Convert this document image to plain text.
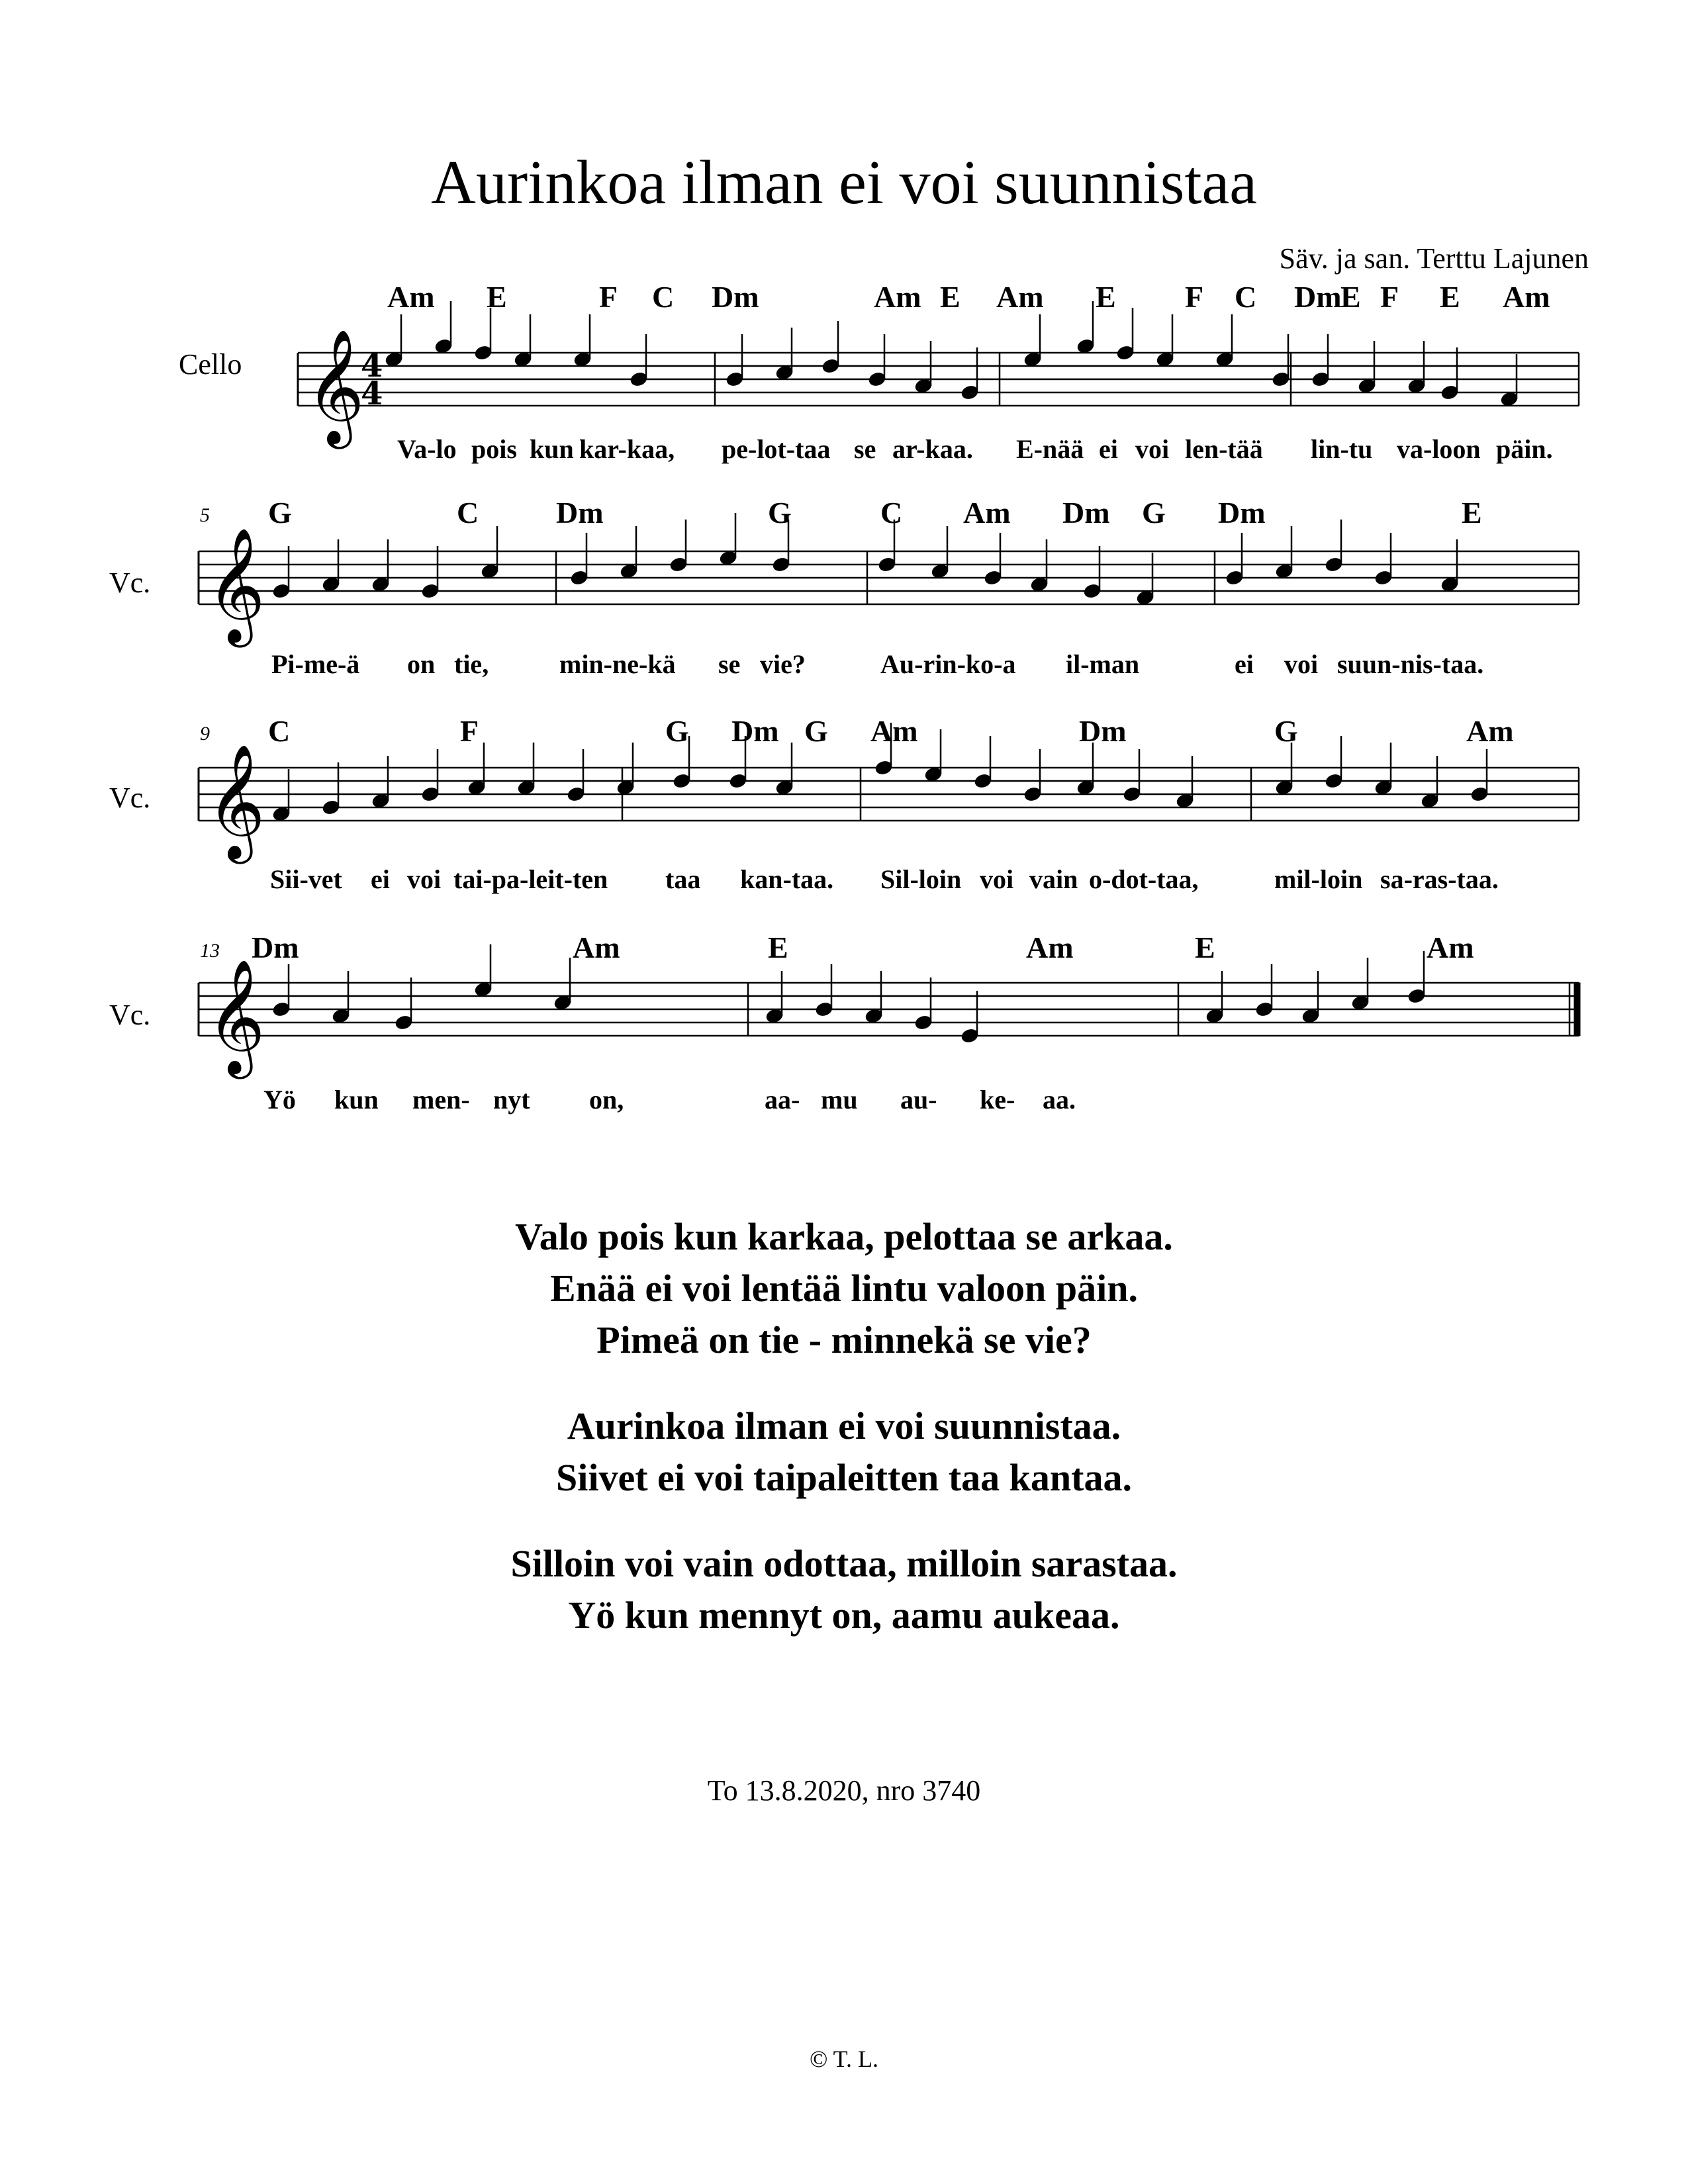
Aurinkoa ilman ei voi suunnistaa
Säv. ja san. Terttu Lajunen
Cello
Am E	F C Dm	Am E Am E F C Dm
E F E Am
Va-lo pois kun kar-kaa, pe-lot-taa se ar-kaa. E-nää ei voi len-tää lin-tu va-loon päin.
5
Vc.
G	C	Dm	G	C Am Dm G Dm	E
Pi-me-ä on tie,	min-ne-kä se vie?	Au-rin-ko-a il-man	ei voi suun-nis-taa.
9
Vc.
C	F	G Dm G Am	Dm	G	Am
Sii-vet ei voi tai-pa-leit-ten taa kan-taa. Sil-loin voi vain o-dot-taa,	mil-loin sa-ras-taa.
13
Vc.
Dm	Am	E	Am	E	Am
Yö kun men- nyt on,	aa- mu au- ke- aa.
𝄞
4
4
𝄞
𝄞
𝄞
Valo pois kun karkaa, pelottaa se arkaa.
Enää ei voi lentää lintu valoon päin.
Pimeä on tie - minnekä se vie?
Aurinkoa ilman ei voi suunnistaa.
Siivet ei voi taipaleitten taa kantaa.
Silloin voi vain odottaa, milloin sarastaa.
Yö kun mennyt on, aamu aukeaa.
To 13.8.2020, nro 3740
© T. L.
